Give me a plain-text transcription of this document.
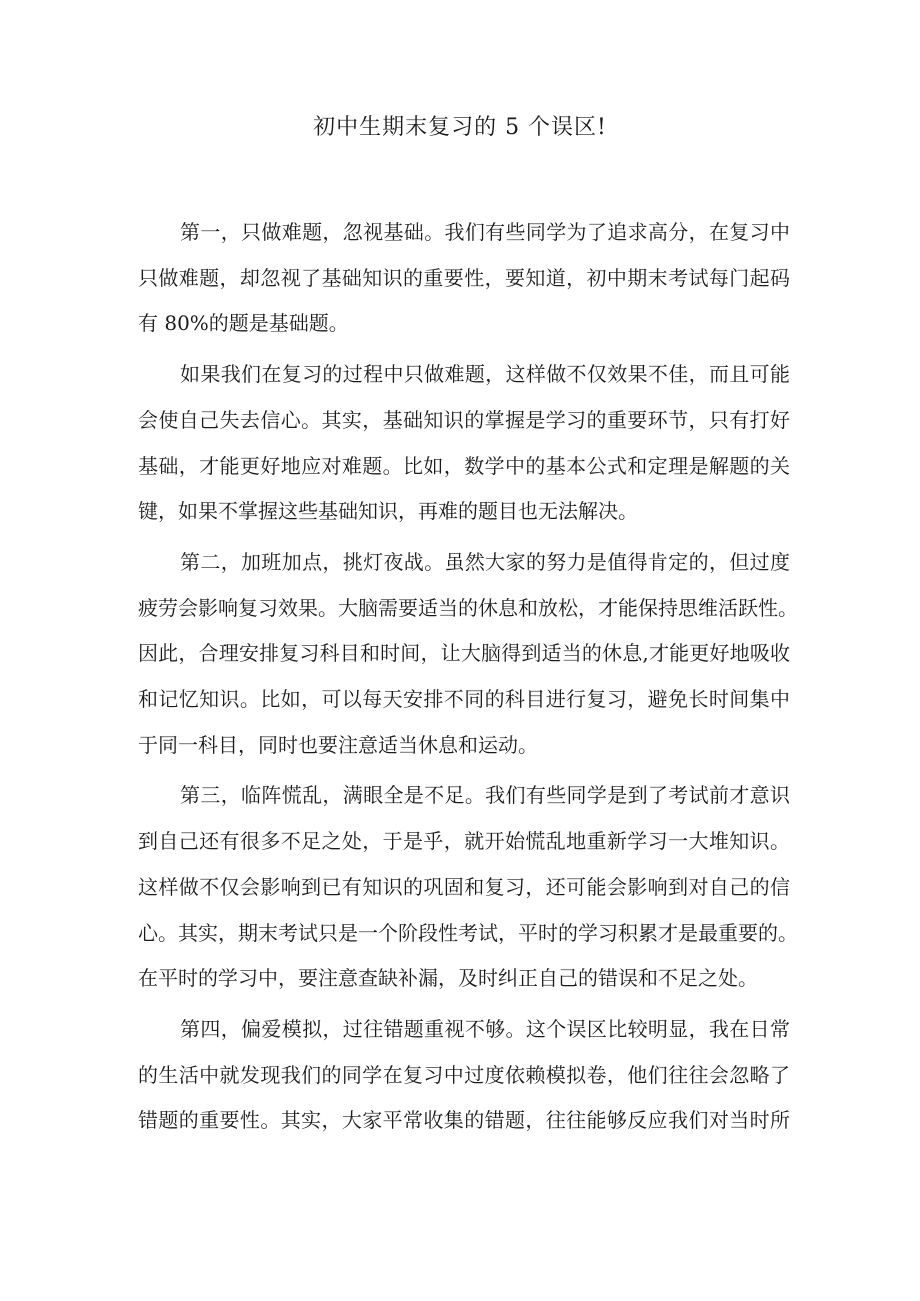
初中生期末复习的 5 个误区!

第一，只做难题，忽视基础。我们有些同学为了追求高分，在复习中
只做难题，却忽视了基础知识的重要性，要知道，初中期末考试每门起码
有 80%的题是基础题。

如果我们在复习的过程中只做难题，这样做不仅效果不佳，而且可能
会使自己失去信心。其实，基础知识的掌握是学习的重要环节，只有打好
基础，才能更好地应对难题。比如，数学中的基本公式和定理是解题的关
键，如果不掌握这些基础知识，再难的题目也无法解决。

第二，加班加点，挑灯夜战。虽然大家的努力是值得肯定的，但过度
疲劳会影响复习效果。大脑需要适当的休息和放松，才能保持思维活跃性。
因此，合理安排复习科目和时间，让大脑得到适当的休息,才能更好地吸收
和记忆知识。比如，可以每天安排不同的科目进行复习，避免长时间集中
于同一科目，同时也要注意适当休息和运动。

第三，临阵慌乱，满眼全是不足。我们有些同学是到了考试前才意识
到自己还有很多不足之处，于是乎，就开始慌乱地重新学习一大堆知识。
这样做不仅会影响到已有知识的巩固和复习，还可能会影响到对自己的信
心。其实，期末考试只是一个阶段性考试，平时的学习积累才是最重要的。
在平时的学习中，要注意查缺补漏，及时纠正自己的错误和不足之处。

第四，偏爱模拟，过往错题重视不够。这个误区比较明显，我在日常
的生活中就发现我们的同学在复习中过度依赖模拟卷，他们往往会忽略了
错题的重要性。其实，大家平常收集的错题，往往能够反应我们对当时所
